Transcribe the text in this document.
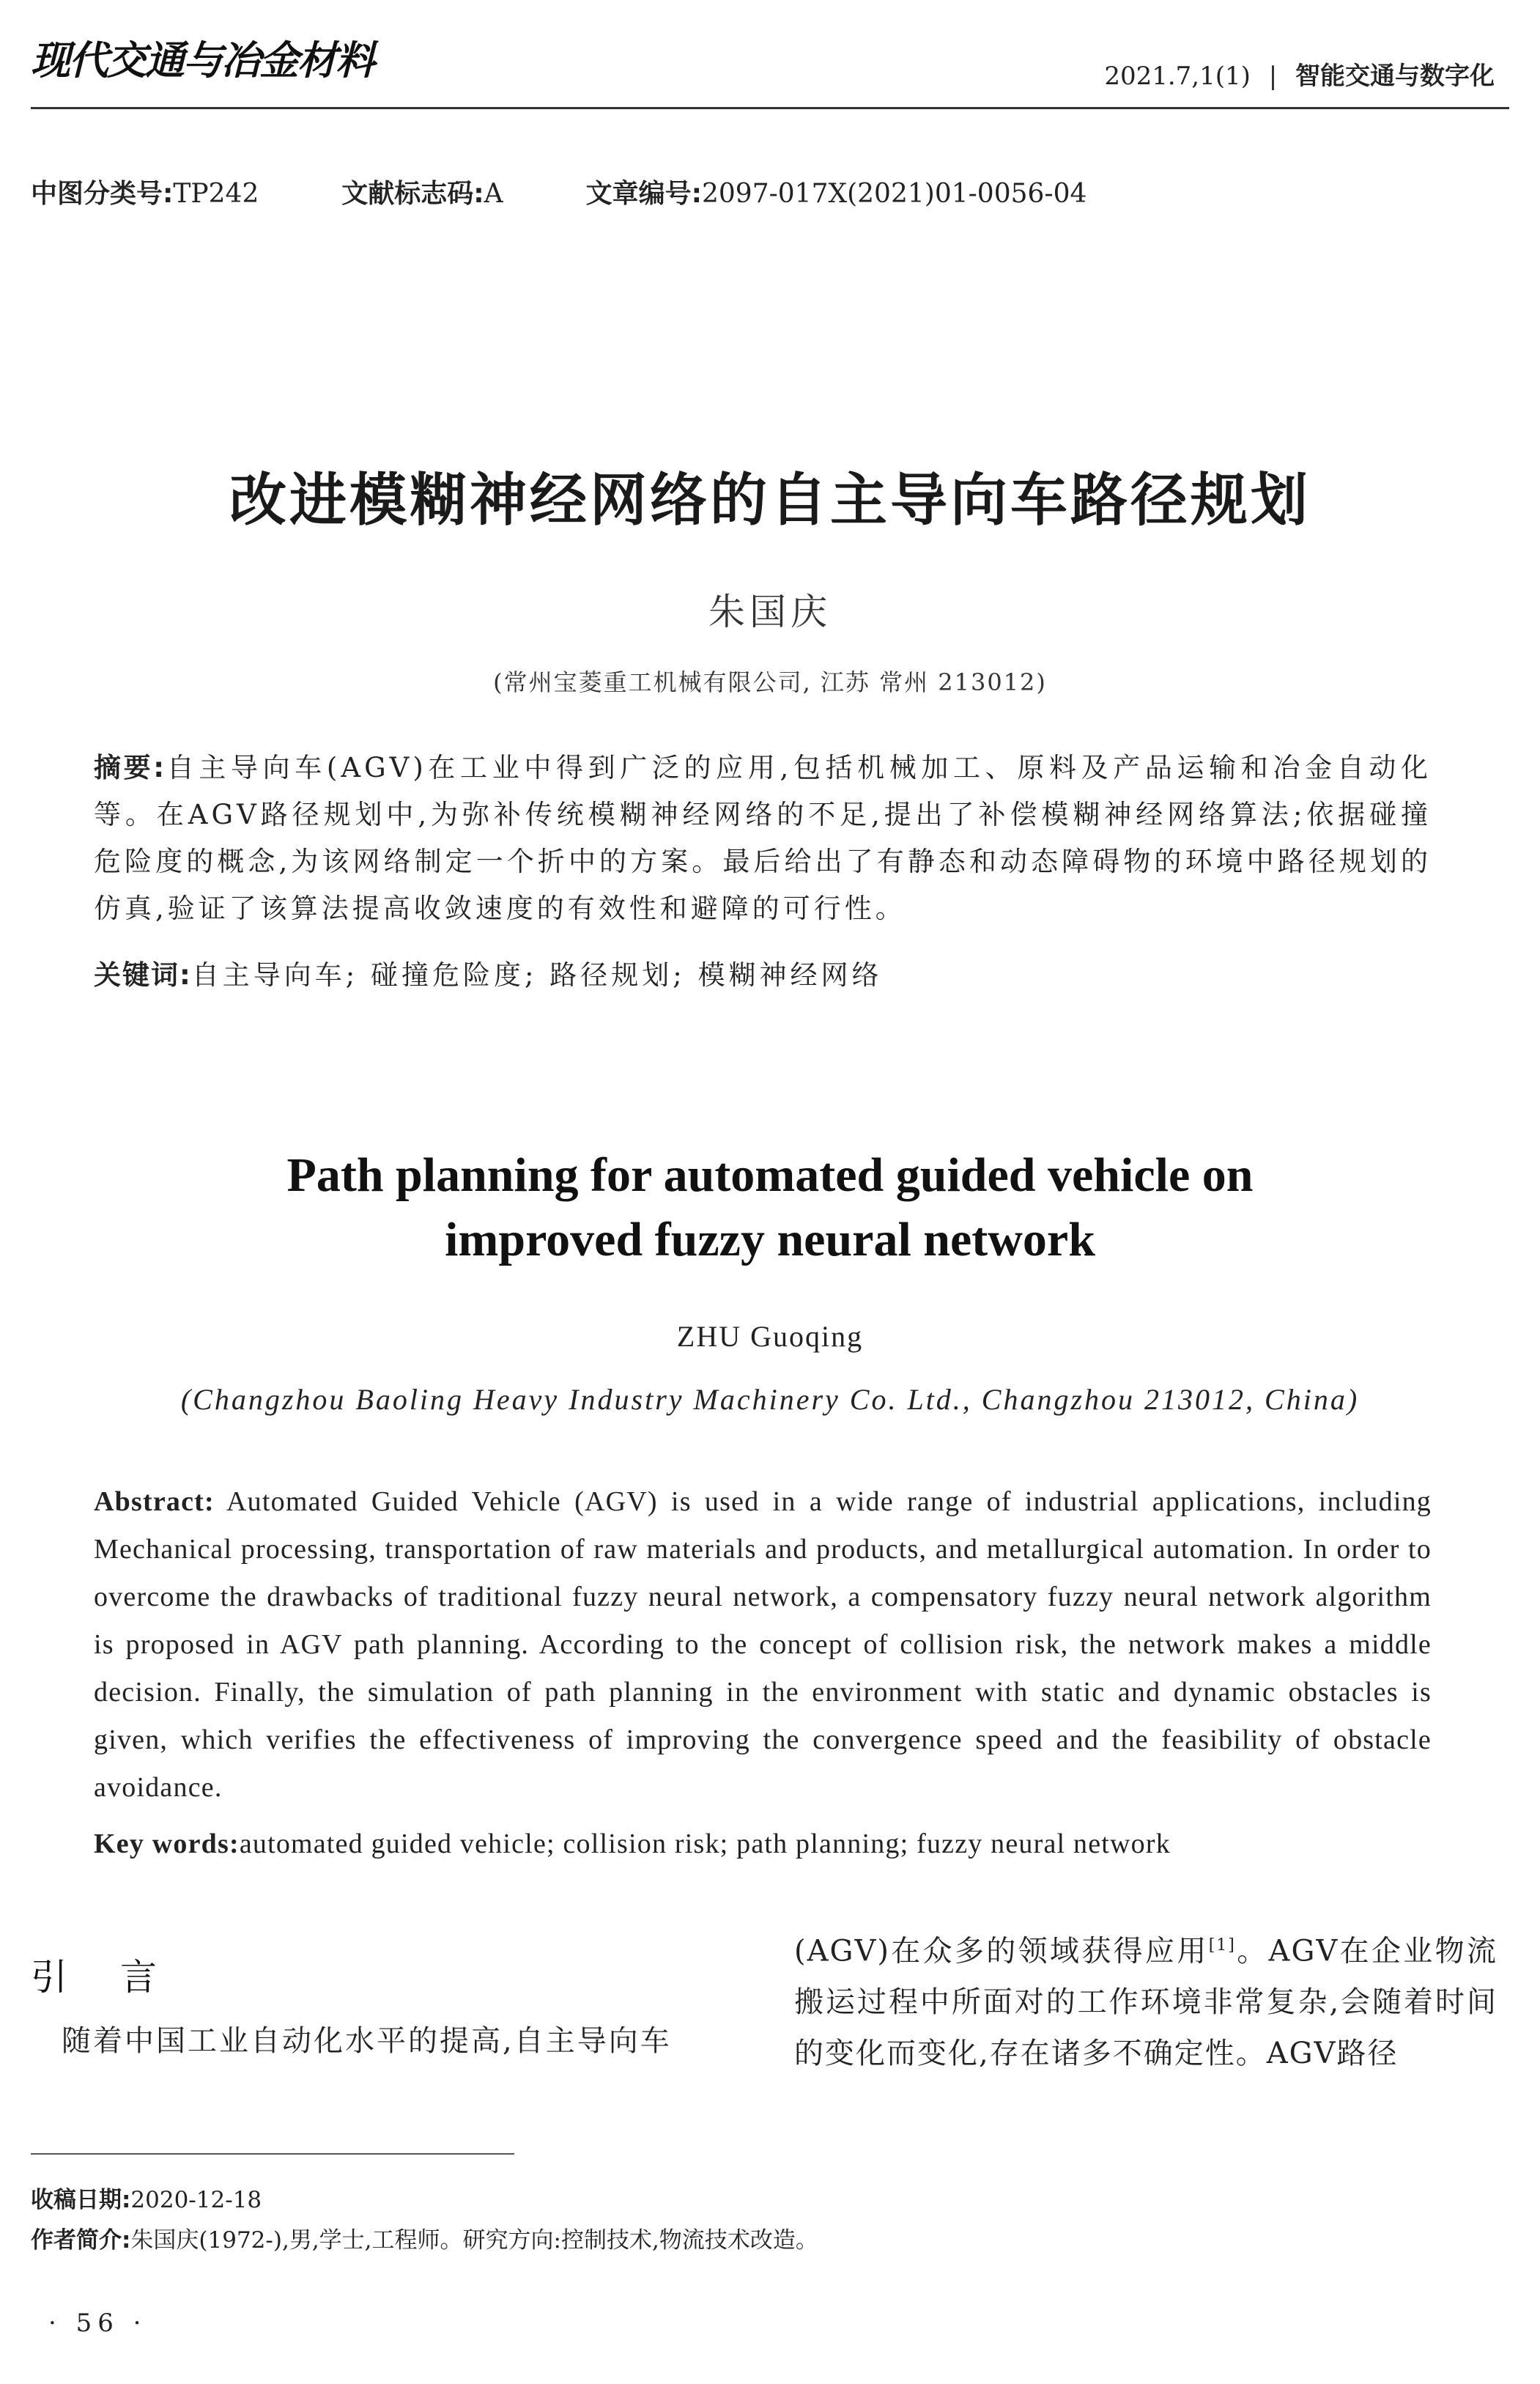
现代交通与冶金材料	2021.7,1(1) | 智能交通与数字化
中图分类号:TP242	文献标志码:A	文章编号:2097-017X(2021)01-0056-04
改进模糊神经网络的自主导向车路径规划
朱国庆
(常州宝菱重工机械有限公司, 江苏 常州 213012)
摘要:自主导向车(AGV)在工业中得到广泛的应用,包括机械加工、原料及产品运输和冶金自动化等。在AGV路径规划中,为弥补传统模糊神经网络的不足,提出了补偿模糊神经网络算法;依据碰撞危险度的概念,为该网络制定一个折中的方案。最后给出了有静态和动态障碍物的环境中路径规划的仿真,验证了该算法提高收敛速度的有效性和避障的可行性。
关键词:自主导向车; 碰撞危险度; 路径规划; 模糊神经网络
Path planning for automated guided vehicle on
improved fuzzy neural network
ZHU Guoqing
(Changzhou Baoling Heavy Industry Machinery Co. Ltd., Changzhou 213012, China)
Abstract: Automated Guided Vehicle (AGV) is used in a wide range of industrial applications, including Mechanical processing, transportation of raw materials and products, and metallurgical automation. In order to overcome the drawbacks of traditional fuzzy neural network, a compensatory fuzzy neural network algorithm is proposed in AGV path planning. According to the concept of collision risk, the network makes a middle decision. Finally, the simulation of path planning in the environment with static and dynamic obstacles is given, which verifies the effectiveness of improving the convergence speed and the feasibility of obstacle avoidance.
Key words:automated guided vehicle; collision risk; path planning; fuzzy neural network
引 言
随着中国工业自动化水平的提高,自主导向车
(AGV)在众多的领域获得应用[1]。AGV在企业物流搬运过程中所面对的工作环境非常复杂,会随着时间的变化而变化,存在诸多不确定性。AGV路径
收稿日期:2020-12-18
作者简介:朱国庆(1972-),男,学士,工程师。研究方向:控制技术,物流技术改造。
· 56 ·
